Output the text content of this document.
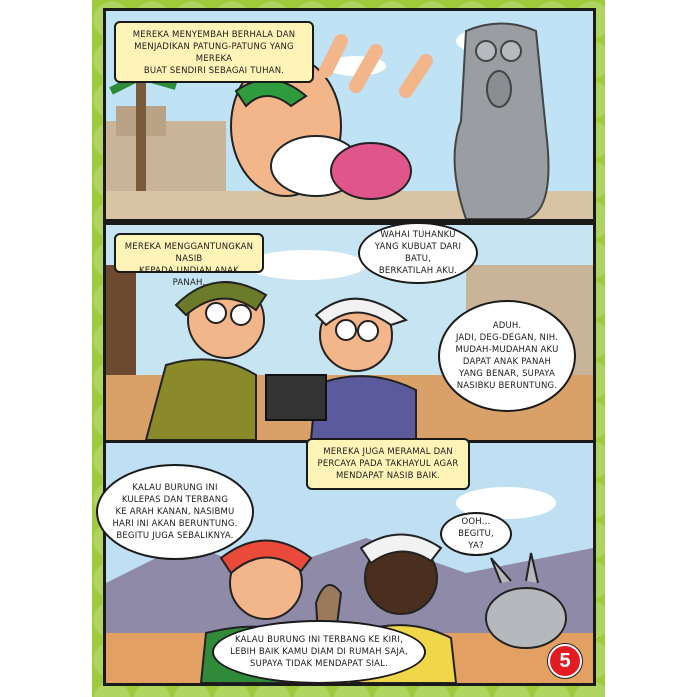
MEREKA MENYEMBAH BERHALA DAN
MENJADIKAN PATUNG-PATUNG YANG MEREKA
BUAT SENDIRI SEBAGAI TUHAN.
MEREKA MENGGANTUNGKAN NASIB
KEPADA UNDIAN ANAK PANAH.
WAHAI TUHANKU
YANG KUBUAT DARI BATU,
BERKATILAH AKU.
ADUH.
JADI, DEG-DEGAN, NIH.
MUDAH-MUDAHAN AKU
DAPAT ANAK PANAH
YANG BENAR, SUPAYA
NASIBKU BERUNTUNG.
MEREKA JUGA MERAMAL DAN
PERCAYA PADA TAKHAYUL AGAR
MENDAPAT NASIB BAIK.
KALAU BURUNG INI
KULEPAS DAN TERBANG
KE ARAH KANAN, NASIBMU
HARI INI AKAN BERUNTUNG.
BEGITU JUGA SEBALIKNYA.
OOH...
BEGITU, YA?
KALAU BURUNG INI TERBANG KE KIRI,
LEBIH BAIK KAMU DIAM DI RUMAH SAJA,
SUPAYA TIDAK MENDAPAT SIAL.	5
